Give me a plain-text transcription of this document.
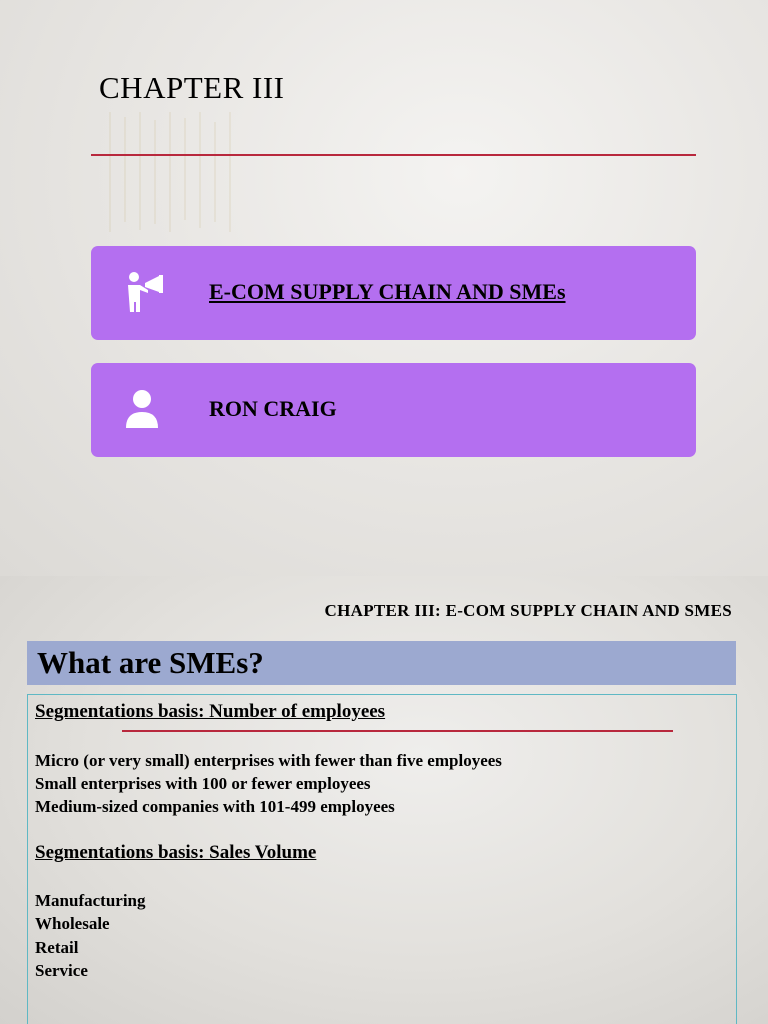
CHAPTER III
E-COM SUPPLY CHAIN AND SMEs
RON CRAIG
CHAPTER III: E-COM SUPPLY CHAIN AND SMES
What are SMEs?
Segmentations basis: Number of employees
Micro (or very small) enterprises with fewer than five employees
Small enterprises with 100 or fewer employees
Medium-sized companies with 101-499 employees
Segmentations basis: Sales Volume
Manufacturing
Wholesale
Retail
Service
